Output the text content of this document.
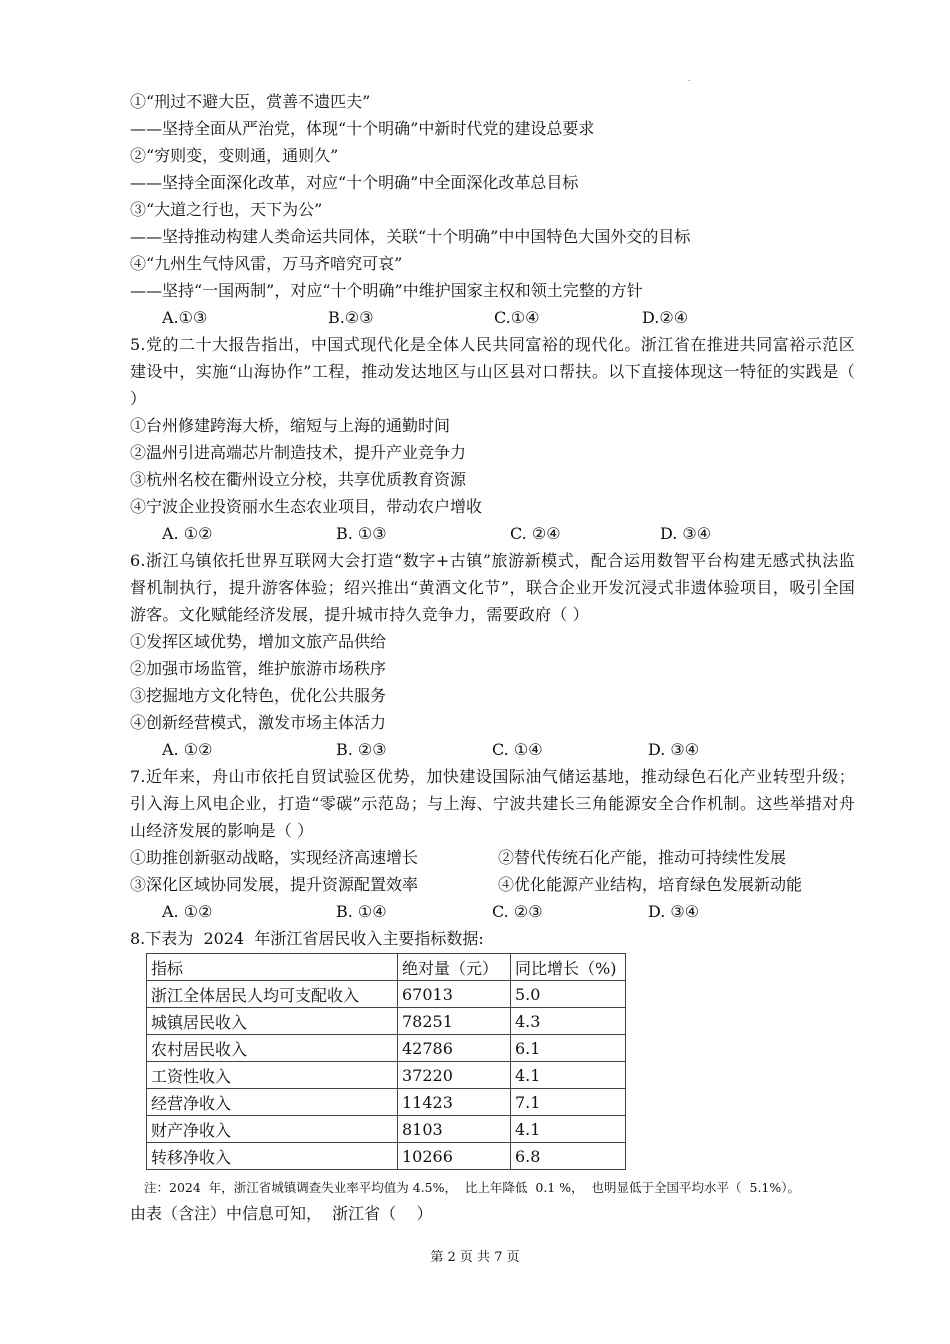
.
①“刑过不避大臣，赏善不遗匹夫”
——坚持全面从严治党，体现“十个明确”中新时代党的建设总要求
②“穷则变，变则通，通则久”
——坚持全面深化改革，对应“十个明确”中全面深化改革总目标
③“大道之行也，天下为公”
——坚持推动构建人类命运共同体，关联“十个明确”中中国特色大国外交的目标
④“九州生气恃风雷，万马齐喑究可哀”
——坚持“一国两制”，对应“十个明确”中维护国家主权和领土完整的方针
A.①③	B.②③	C.①④	D.②④
5.党的二十大报告指出，中国式现代化是全体人民共同富裕的现代化。浙江省在推进共同富裕示范区建设中，实施“山海协作”工程，推动发达地区与山区县对口帮扶。以下直接体现这一特征的实践是（ ）
①台州修建跨海大桥，缩短与上海的通勤时间
②温州引进高端芯片制造技术，提升产业竞争力
③杭州名校在衢州设立分校，共享优质教育资源
④宁波企业投资丽水生态农业项目，带动农户增收
A. ①②	B. ①③	C. ②④	D. ③④
6.浙江乌镇依托世界互联网大会打造“数字+古镇”旅游新模式，配合运用数智平台构建无感式执法监督机制执行，提升游客体验；绍兴推出“黄酒文化节”，联合企业开发沉浸式非遗体验项目，吸引全国游客。文化赋能经济发展，提升城市持久竞争力，需要政府（ ）
①发挥区域优势，增加文旅产品供给
②加强市场监管，维护旅游市场秩序
③挖掘地方文化特色，优化公共服务
④创新经营模式，激发市场主体活力
A. ①②	B. ②③	C. ①④	D. ③④
7.近年来，舟山市依托自贸试验区优势，加快建设国际油气储运基地，推动绿色石化产业转型升级；引入海上风电企业，打造“零碳”示范岛；与上海、宁波共建长三角能源安全合作机制。这些举措对舟山经济发展的影响是（ ）
①助推创新驱动战略，实现经济高速增长	②替代传统石化产能，推动可持续性发展
③深化区域协同发展，提升资源配置效率	④优化能源产业结构，培育绿色发展新动能
A. ①②	B. ①④	C. ②③	D. ③④
8.下表为  2024  年浙江省居民收入主要指标数据:
指标	绝对量（元）	同比增长（%)
浙江全体居民人均可支配收入	67013	5.0
城镇居民收入	78251	4.3
农村居民收入	42786	6.1
工资性收入	37220	4.1
经营净收入	11423	7.1
财产净收入	8103	4.1
转移净收入	10266	6.8
注：2024  年，浙江省城镇调查失业率平均值为 4.5%，  比上年降低  0.1 %，  也明显低于全国平均水平（  5.1%）。
由表（含注）中信息可知，  浙江省（    ）
第 2 页 共 7 页
